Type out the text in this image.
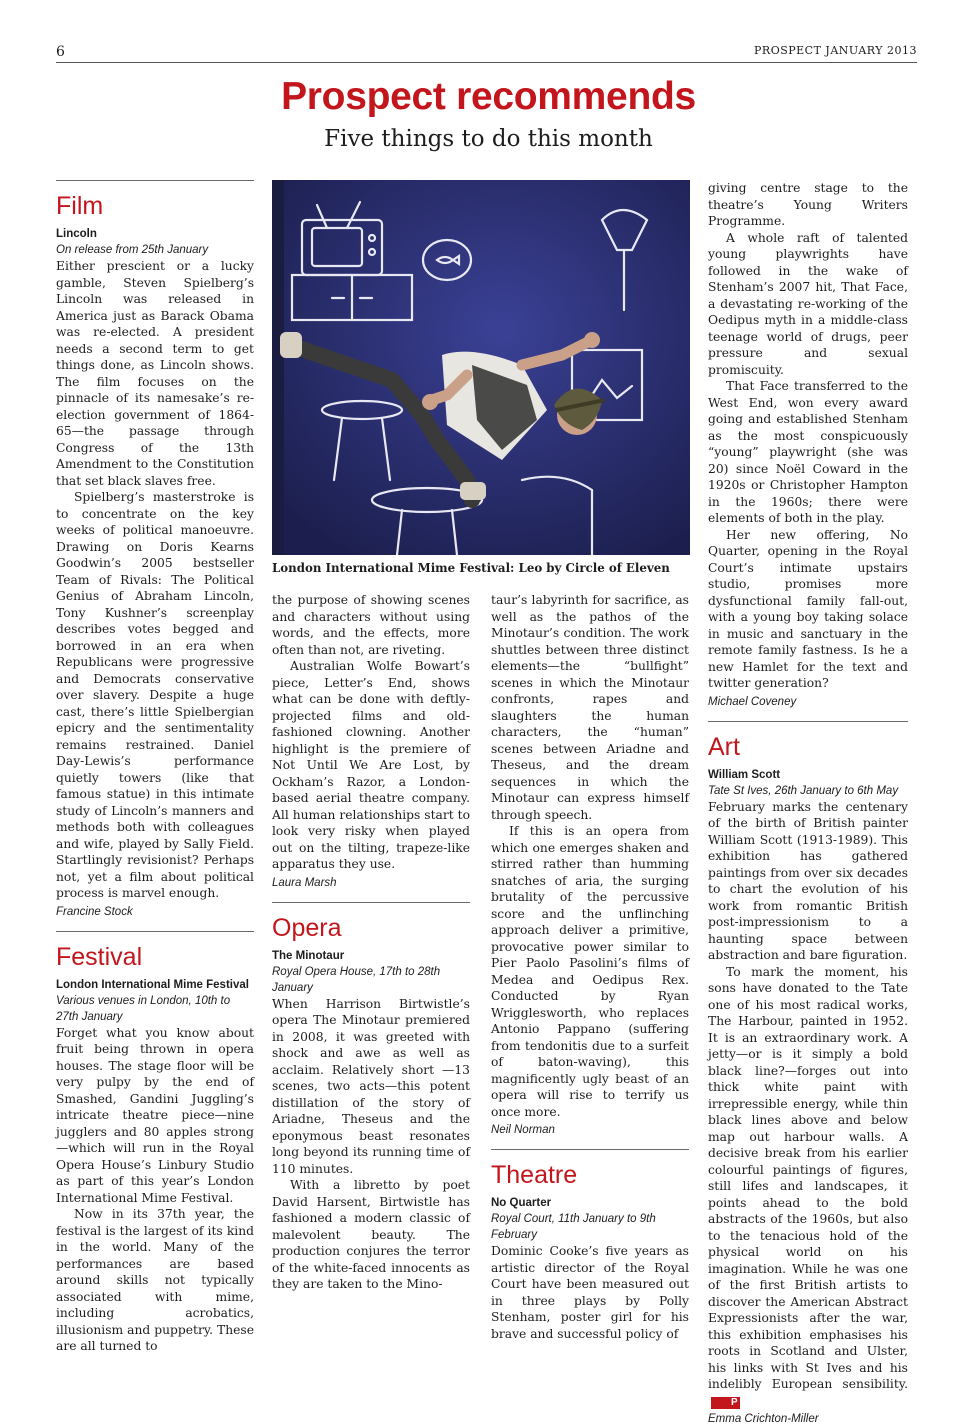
6	PROSPECT JANUARY 2013
Prospect recommends
Five things to do this month
Film
Lincoln
On release from 25th January

Either prescient or a lucky gamble, Steven Spielberg’s Lincoln was released in America just as Barack Obama was re-elected. A president needs a second term to get things done, as Lincoln shows. The film focuses on the pinnacle of its namesake’s re-election government of 1864-65—the passage through Congress of the 13th Amendment to the Constitution that set black slaves free.

Spielberg’s masterstroke is to concentrate on the key weeks of political manoeuvre. Drawing on Doris Kearns Goodwin’s 2005 bestseller Team of Rivals: The Political Genius of Abraham Lincoln, Tony Kushner’s screenplay describes votes begged and borrowed in an era when Republicans were progressive and Democrats conservative over slavery. Despite a huge cast, there’s little Spielbergian epicry and the sentimentality remains restrained. Daniel Day-Lewis’s performance quietly towers (like that famous statue) in this intimate study of Lincoln’s manners and methods both with colleagues and wife, played by Sally Field. Startlingly revisionist? Perhaps not, yet a film about political process is marvel enough.

Francine Stock
Festival
London International Mime Festival
Various venues in London, 10th to 27th January

Forget what you know about fruit being thrown in opera houses. The stage floor will be very pulpy by the end of Smashed, Gandini Juggling’s intricate theatre piece—nine jugglers and 80 apples strong—which will run in the Royal Opera House’s Linbury Studio as part of this year’s London International Mime Festival.

Now in its 37th year, the festival is the largest of its kind in the world. Many of the performances are based around skills not typically associated with mime, including acrobatics, illusionism and puppetry. These are all turned to

London International Mime Festival: Leo by Circle of Eleven

the purpose of showing scenes and characters without using words, and the effects, more often than not, are riveting.

Australian Wolfe Bowart’s piece, Letter’s End, shows what can be done with deftly-projected films and old-fashioned clowning. Another highlight is the premiere of Not Until We Are Lost, by Ockham’s Razor, a London-based aerial theatre company. All human relationships start to look very risky when played out on the tilting, trapeze-like apparatus they use.

Laura Marsh
Opera
The Minotaur
Royal Opera House, 17th to 28th January

When Harrison Birtwistle’s opera The Minotaur premiered in 2008, it was greeted with shock and awe as well as acclaim. Relatively short —13 scenes, two acts—this potent distillation of the story of Ariadne, Theseus and the eponymous beast resonates long beyond its running time of 110 minutes.

With a libretto by poet David Harsent, Birtwistle has fashioned a modern classic of malevolent beauty. The production conjures the terror of the white-faced innocents as they are taken to the Mino-

taur’s labyrinth for sacrifice, as well as the pathos of the Minotaur’s condition. The work shuttles between three distinct elements—the “bullfight” scenes in which the Minotaur confronts, rapes and slaughters the human characters, the “human” scenes between Ariadne and Theseus, and the dream sequences in which the Minotaur can express himself through speech.

If this is an opera from which one emerges shaken and stirred rather than humming snatches of aria, the surging brutality of the percussive score and the unflinching approach deliver a primitive, provocative power similar to Pier Paolo Pasolini’s films of Medea and Oedipus Rex. Conducted by Ryan Wrigglesworth, who replaces Antonio Pappano (suffering from tendonitis due to a surfeit of baton-waving), this magnificently ugly beast of an opera will rise to terrify us once more.

Neil Norman
Theatre
No Quarter
Royal Court, 11th January to 9th February

Dominic Cooke’s five years as artistic director of the Royal Court have been measured out in three plays by Polly Stenham, poster girl for his brave and successful policy of

giving centre stage to the theatre’s Young Writers Programme.

A whole raft of talented young playwrights have followed in the wake of Stenham’s 2007 hit, That Face, a devastating re-working of the Oedipus myth in a middle-class teenage world of drugs, peer pressure and sexual promiscuity.

That Face transferred to the West End, won every award going and established Stenham as the most conspicuously “young” playwright (she was 20) since Noël Coward in the 1920s or Christopher Hampton in the 1960s; there were elements of both in the play.

Her new offering, No Quarter, opening in the Royal Court’s intimate upstairs studio, promises more dysfunctional family fall-out, with a young boy taking solace in music and sanctuary in the remote family fastness. Is he a new Hamlet for the text and twitter generation?

Michael Coveney
Art
William Scott
Tate St Ives, 26th January to 6th May

February marks the centenary of the birth of British painter William Scott (1913-1989). This exhibition has gathered paintings from over six decades to chart the evolution of his work from romantic British post-impressionism to a haunting space between abstraction and bare figuration.

To mark the moment, his sons have donated to the Tate one of his most radical works, The Harbour, painted in 1952. It is an extraordinary work. A jetty—or is it simply a bold black line?—forges out into thick white paint with irrepressible energy, while thin black lines above and below map out harbour walls. A decisive break from his earlier colourful paintings of figures, still lifes and landscapes, it points ahead to the bold abstracts of the 1960s, but also to the tenacious hold of the physical world on his imagination. While he was one of the first British artists to discover the American Abstract Expressionists after the war, this exhibition emphasises his roots in Scotland and Ulster, his links with St Ives and his indelibly European sensibility.P

Emma Crichton-Miller
